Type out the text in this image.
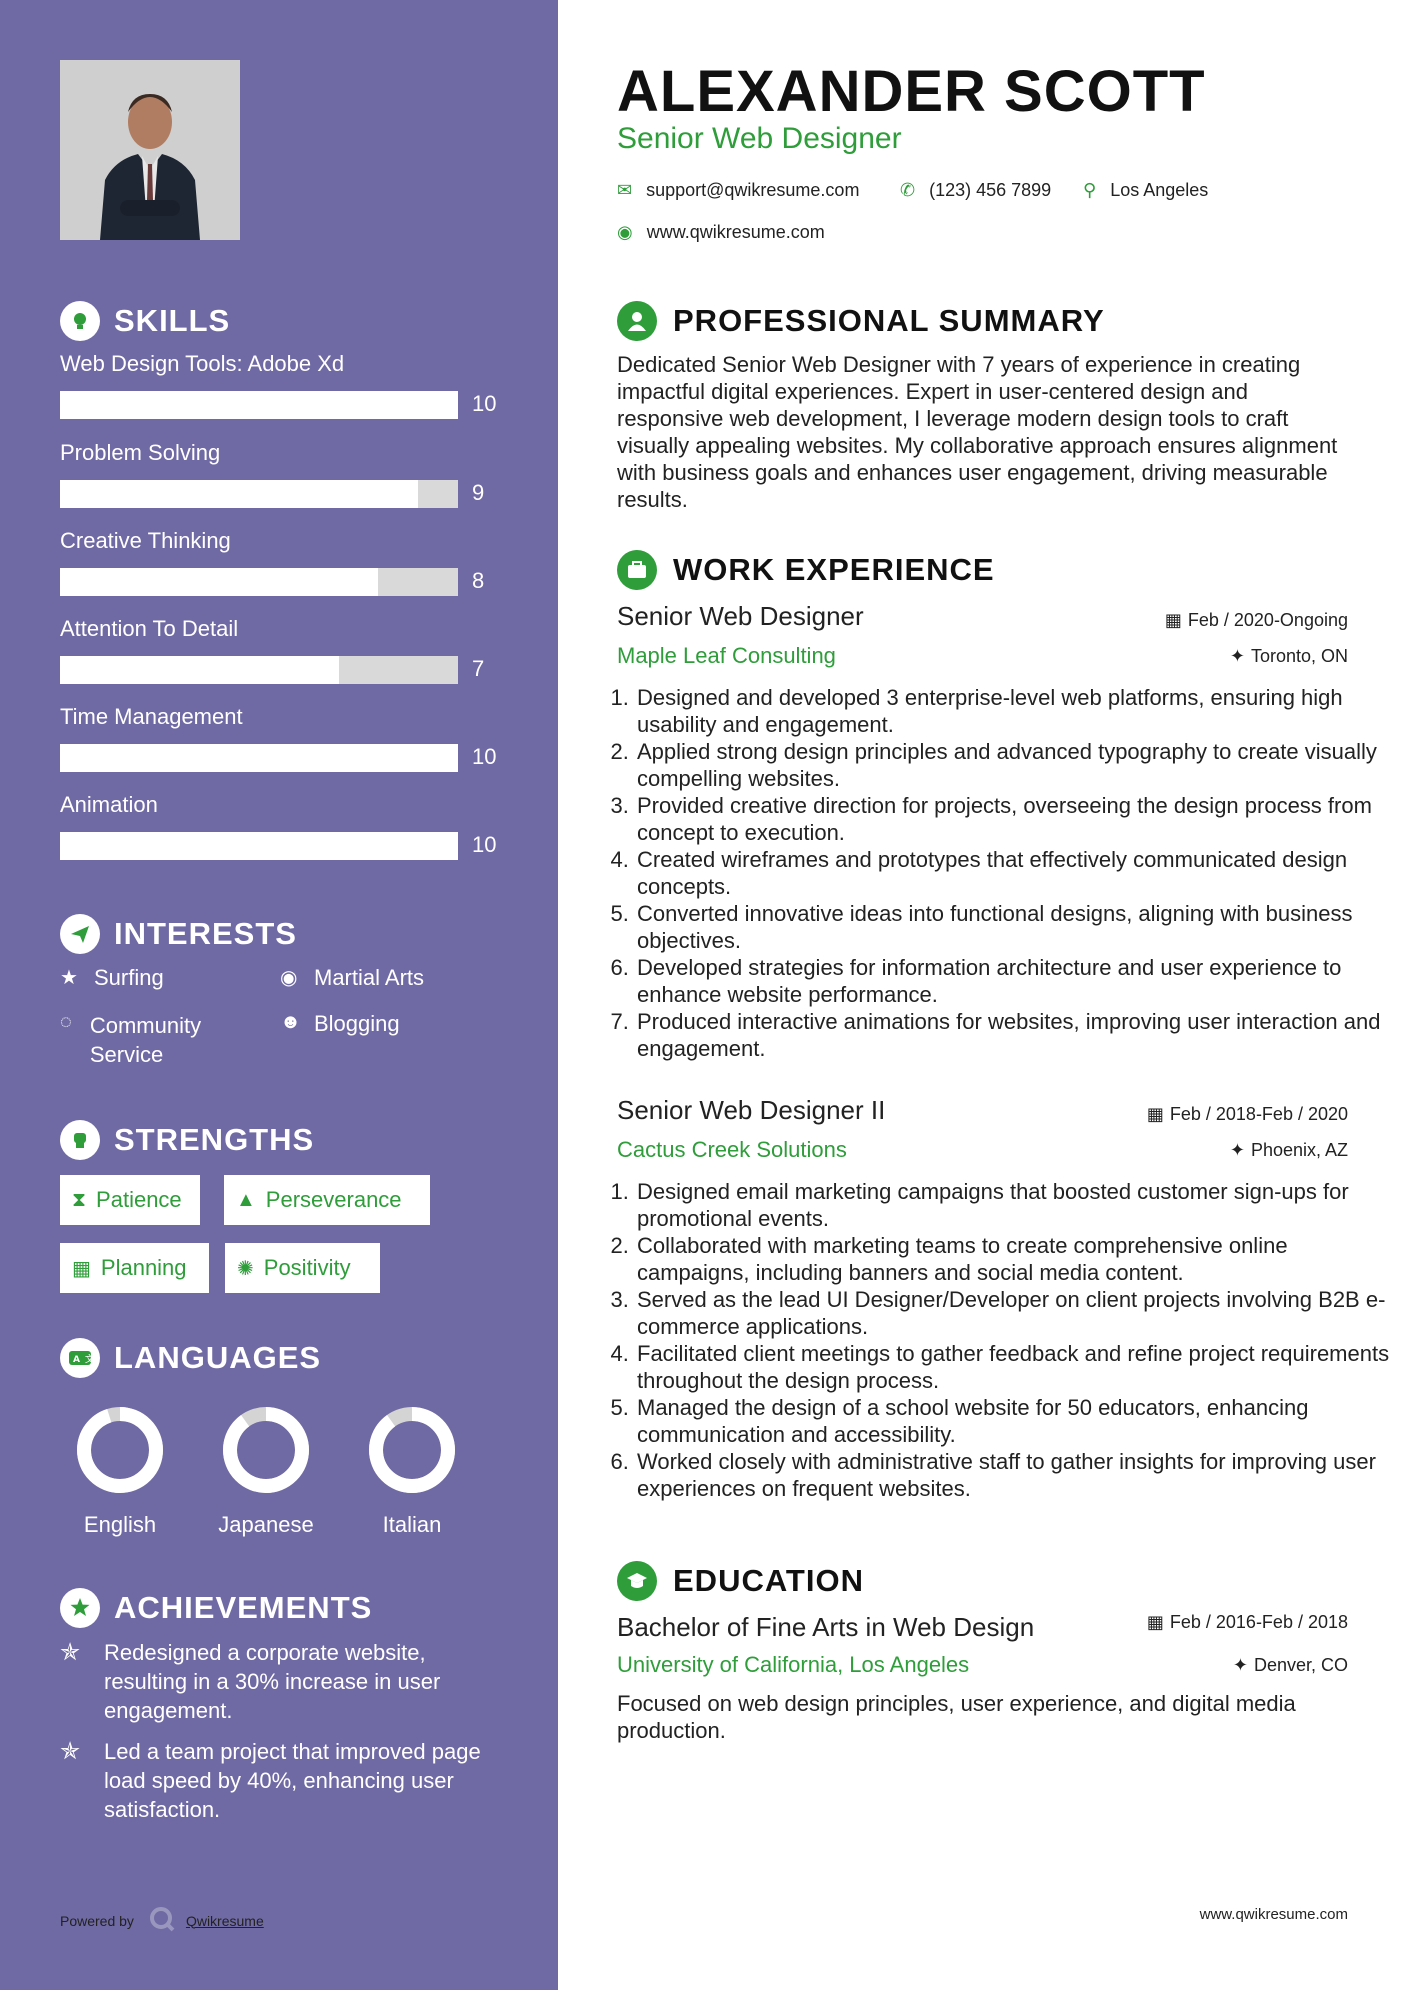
SKILLS
Web Design Tools: Adobe Xd
10
Problem Solving
9
Creative Thinking
8
Attention To Detail
7
Time Management
10
Animation
10
INTERESTS
★ Surfing	◉ Martial Arts
◌ Community Service
☻ Blogging
STRENGTHS
⧗ Patience	▲ Perseverance
▦ Planning	✺ Positivity
A 文 LANGUAGES
English	Japanese	Italian
ACHIEVEMENTS
✯	Redesigned a corporate website, resulting in a 30% increase in user engagement.
✯	Led a team project that improved page load speed by 40%, enhancing user satisfaction.
Powered by	Qwikresume
ALEXANDER SCOTT
Senior Web Designer
✉ support@qwikresume.com ✆ (123) 456 7899 ⚲ Los Angeles
◉ www.qwikresume.com
PROFESSIONAL SUMMARY
Dedicated Senior Web Designer with 7 years of experience in creating impactful digital experiences. Expert in user-centered design and responsive web development, I leverage modern design tools to craft visually appealing websites. My collaborative approach ensures alignment with business goals and enhances user engagement, driving measurable results.
WORK EXPERIENCE
Senior Web Designer	▦ Feb / 2020-Ongoing
Maple Leaf Consulting	✦ Toronto, ON
1. Designed and developed 3 enterprise-level web platforms, ensuring high usability and engagement.
2. Applied strong design principles and advanced typography to create visually compelling websites.
3. Provided creative direction for projects, overseeing the design process from concept to execution.
4. Created wireframes and prototypes that effectively communicated design concepts.
5. Converted innovative ideas into functional designs, aligning with business objectives.
6. Developed strategies for information architecture and user experience to enhance website performance.
7. Produced interactive animations for websites, improving user interaction and engagement.
Senior Web Designer II	▦ Feb / 2018-Feb / 2020
Cactus Creek Solutions	✦ Phoenix, AZ
1. Designed email marketing campaigns that boosted customer sign-ups for promotional events.
2. Collaborated with marketing teams to create comprehensive online campaigns, including banners and social media content.
3. Served as the lead UI Designer/Developer on client projects involving B2B e-commerce applications.
4. Facilitated client meetings to gather feedback and refine project requirements throughout the design process.
5. Managed the design of a school website for 50 educators, enhancing communication and accessibility.
6. Worked closely with administrative staff to gather insights for improving user experiences on frequent websites.
EDUCATION
Bachelor of Fine Arts in Web Design	▦ Feb / 2016-Feb / 2018
University of California, Los Angeles	✦ Denver, CO
Focused on web design principles, user experience, and digital media production.
www.qwikresume.com
